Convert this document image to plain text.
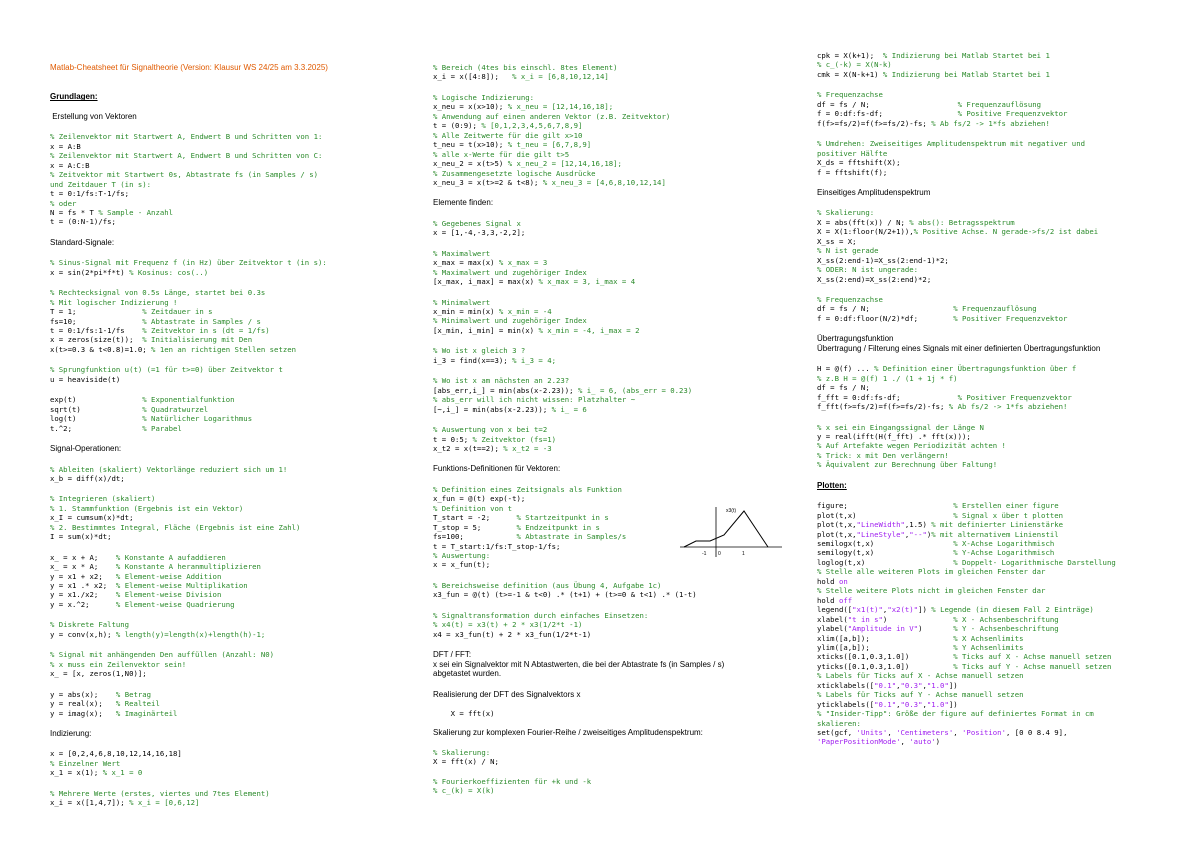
Matlab-Cheatsheet für Signaltheorie (Version: Klausur WS 24/25 am 3.3.2025)
Grundlagen:
Erstellung von Vektoren
% Zeilenvektor mit Startwert A, Endwert B und Schritten von 1:
x = A:B
% Zeilenvektor mit Startwert A, Endwert B und Schritten von C:
x = A:C:B
% Zeitvektor mit Startwert 0s, Abtastrate fs (in Samples / s)
und Zeitdauer T (in s):
t = 0:1/fs:T-1/fs;
% oder
N = fs * T % Sample - Anzahl
t = (0:N-1)/fs;
Standard-Signale:
% Sinus-Signal mit Frequenz f (in Hz) über Zeitvektor t (in s):
x = sin(2*pi*f*t) % Kosinus: cos(..)
% Rechtecksignal von 0.5s Länge, startet bei 0.3s
% Mit logischer Indizierung !
T = 1;               % Zeitdauer in s
fs=10;               % Abtastrate in Samples / s
t = 0:1/fs:1-1/fs    % Zeitvektor in s (dt = 1/fs)
x = zeros(size(t));  % Initialisierung mit Den
x(t>=0.3 & t<0.8)=1.0; % 1en an richtigen Stellen setzen
% Sprungfunktion u(t) (=1 für t>=0) über Zeitvektor t
u = heaviside(t)
exp(t)               % Exponentialfunktion
sqrt(t)              % Quadratwurzel
log(t)               % Natürlicher Logarithmus
t.^2;                % Parabel
Signal-Operationen:
% Ableiten (skaliert) Vektorlänge reduziert sich um 1!
x_b = diff(x)/dt;
% Integrieren (skaliert)
% 1. Stammfunktion (Ergebnis ist ein Vektor)
x_I = cumsum(x)*dt;
% 2. Bestimmtes Integral, Fläche (Ergebnis ist eine Zahl)
I = sum(x)*dt;
x_ = x + A;    % Konstante A aufaddieren
x_ = x * A;    % Konstante A heranmultiplizieren
y = x1 + x2;   % Element-weise Addition
y = x1 .* x2;  % Element-weise Multiplikation
y = x1./x2;    % Element-weise Division
y = x.^2;      % Element-weise Quadrierung
% Diskrete Faltung
y = conv(x,h); % length(y)=length(x)+length(h)-1;
% Signal mit anhängenden Den auffüllen (Anzahl: N0)
% x muss ein Zeilenvektor sein!
x_ = [x, zeros(1,N0)];
y = abs(x);    % Betrag
y = real(x);   % Realteil
y = imag(x);   % Imaginärteil
Indizierung:
x = [0,2,4,6,8,10,12,14,16,18]
% Einzelner Wert
x_1 = x(1); % x_1 = 0
% Mehrere Werte (erstes, viertes und 7tes Element)
x_i = x([1,4,7]); % x_i = [0,6,12]
% Bereich (4tes bis einschl. 8tes Element)
x_i = x([4:8]);   % x_i = [6,8,10,12,14]
% Logische Indizierung:
x_neu = x(x>10); % x_neu = [12,14,16,18];
% Anwendung auf einen anderen Vektor (z.B. Zeitvektor)
t = (0:9); % [0,1,2,3,4,5,6,7,8,9]
% Alle Zeitwerte für die gilt x>10
t_neu = t(x>10); % t_neu = [6,7,8,9]
% alle x-Werte für die gilt t>5
x_neu_2 = x(t>5) % x_neu_2 = [12,14,16,18];
% Zusammengesetzte logische Ausdrücke
x_neu_3 = x(t>=2 & t<8); % x_neu_3 = [4,6,8,10,12,14]
Elemente finden:
% Gegebenes Signal x
x = [1,-4,-3,3,-2,2];
% Maximalwert
x_max = max(x) % x_max = 3
% Maximalwert und zugehöriger Index
[x_max, i_max] = max(x) % x_max = 3, i_max = 4
% Minimalwert
x_min = min(x) % x_min = -4
% Minimalwert und zugehöriger Index
[x_min, i_min] = min(x) % x_min = -4, i_max = 2
% Wo ist x gleich 3 ?
i_3 = find(x==3); % i_3 = 4;
% Wo ist x am nächsten an 2.23?
[abs_err,i_] = min(abs(x-2.23)); % i_ = 6, (abs_err = 0.23)
% abs_err will ich nicht wissen: Platzhalter ~
[~,i_] = min(abs(x-2.23)); % i_ = 6
% Auswertung von x bei t=2
t = 0:5; % Zeitvektor (fs=1)
x_t2 = x(t==2); % x_t2 = -3
Funktions-Definitionen für Vektoren:
% Definition eines Zeitsignals als Funktion
x_fun = @(t) exp(-t);
% Definition von t
T_start = -2;      % Startzeitpunkt in s
T_stop = 5;        % Endzeitpunkt in s
fs=100;            % Abtastrate in Samples/s
t = T_start:1/fs:T_stop-1/fs;
% Auswertung:
x = x_fun(t);
% Bereichsweise definition (aus Übung 4, Aufgabe 1c)
x3_fun = @(t) (t>=-1 & t<0) .* (t+1) + (t>=0 & t<1) .* (1-t)
% Signaltransformation durch einfaches Einsetzen:
% x4(t) = x3(t) + 2 * x3(1/2*t -1)
x4 = x3_fun(t) + 2 * x3_fun(1/2*t-1)
DFT / FFT:
x sei ein Signalvektor mit N Abtastwerten, die bei der Abtastrate fs (in Samples / s)
abgetastet wurden.
Realisierung der DFT des Signalvektors x
X = fft(x)
Skalierung zur komplexen Fourier-Reihe / zweiseitiges Amplitudenspektrum:
% Skalierung:
X = fft(x) / N;
% Fourierkoeffizienten für +k und -k
% c_(k) = X(k)
cpk = X(k+1);  % Indizierung bei Matlab Startet bei 1
% c_(-k) = X(N-k)
cmk = X(N-k+1) % Indizierung bei Matlab Startet bei 1
% Frequenzachse
df = fs / N;                    % Frequenzauflösung
f = 0:df:fs-df;                 % Positive Frequenzvektor
f(f>=fs/2)=f(f>=fs/2)-fs; % Ab fs/2 -> 1*fs abziehen!
% Umdrehen: Zweiseitiges Amplitudenspektrum mit negativer und
positiver Hälfte
X_ds = fftshift(X);
f = fftshift(f);
Einseitiges Amplitudenspektrum
% Skalierung:
X = abs(fft(x)) / N; % abs(): Betragsspektrum
X = X(1:floor(N/2+1)),% Positive Achse. N gerade->fs/2 ist dabei
X_ss = X;
% N ist gerade
X_ss(2:end-1)=X_ss(2:end-1)*2;
% ODER: N ist ungerade:
X_ss(2:end)=X_ss(2:end)*2;
% Frequenzachse
df = fs / N;                   % Frequenzauflösung
f = 0:df:floor(N/2)*df;        % Positiver Frequenzvektor
Übertragungsfunktion
Übertragung / Filterung eines Signals mit einer definierten Übertragungsfunktion
H = @(f) ... % Definition einer Übertragungsfunktion über f
% z.B H = @(f) 1 ./ (1 + 1j * f)
df = fs / N;
f_fft = 0:df:fs-df;             % Positiver Frequenzvektor
f_fft(f>=fs/2)=f(f>=fs/2)-fs; % Ab fs/2 -> 1*fs abziehen!
% x sei ein Eingangssignal der Länge N
y = real(ifft(H(f_fft) .* fft(x)));
% Auf Artefakte wegen Periodizität achten !
% Trick: x mit Den verlängern!
% Äquivalent zur Berechnung über Faltung!
Plotten:
figure;                        % Erstellen einer figure
plot(t,x)                      % Signal x über t plotten
plot(t,x,"LineWidth",1.5) % mit definierter Linienstärke
plot(t,x,"LineStyle","--")% mit alternativem Linienstil
semilogx(t,x)                  % X-Achse Logarithmisch
semilogy(t,x)                  % Y-Achse Logarithmisch
loglog(t,x)                    % Doppelt- Logarithmische Darstellung
% Stelle alle weiteren Plots im gleichen Fenster dar
hold on
% Stelle weitere Plots nicht im gleichen Fenster dar
hold off
legend(["x1(t)","x2(t)"]) % Legende (in diesem Fall 2 Einträge)
xlabel("t in s")               % X - Achsenbeschriftung
ylabel("Amplitude in V")       % Y - Achsenbeschriftung
xlim([a,b]);                   % X Achsenlimits
ylim([a,b]);                   % Y Achsenlimits
xticks([0.1,0.3,1.0])          % Ticks auf X - Achse manuell setzen
yticks([0.1,0.3,1.0])          % Ticks auf Y - Achse manuell setzen
% Labels für Ticks auf X - Achse manuell setzen
xticklabels(["0.1","0.3","1.0"])
% Labels für Ticks auf Y - Achse manuell setzen
yticklabels(["0.1","0.3","1.0"])
% "Insider-Tipp": Größe der figure auf definiertes Format in cm
skalieren:
set(gcf, 'Units', 'Centimeters', 'Position', [0 0 8.4 9],
'PaperPositionMode', 'auto')
x3(t)
-1 0	1
